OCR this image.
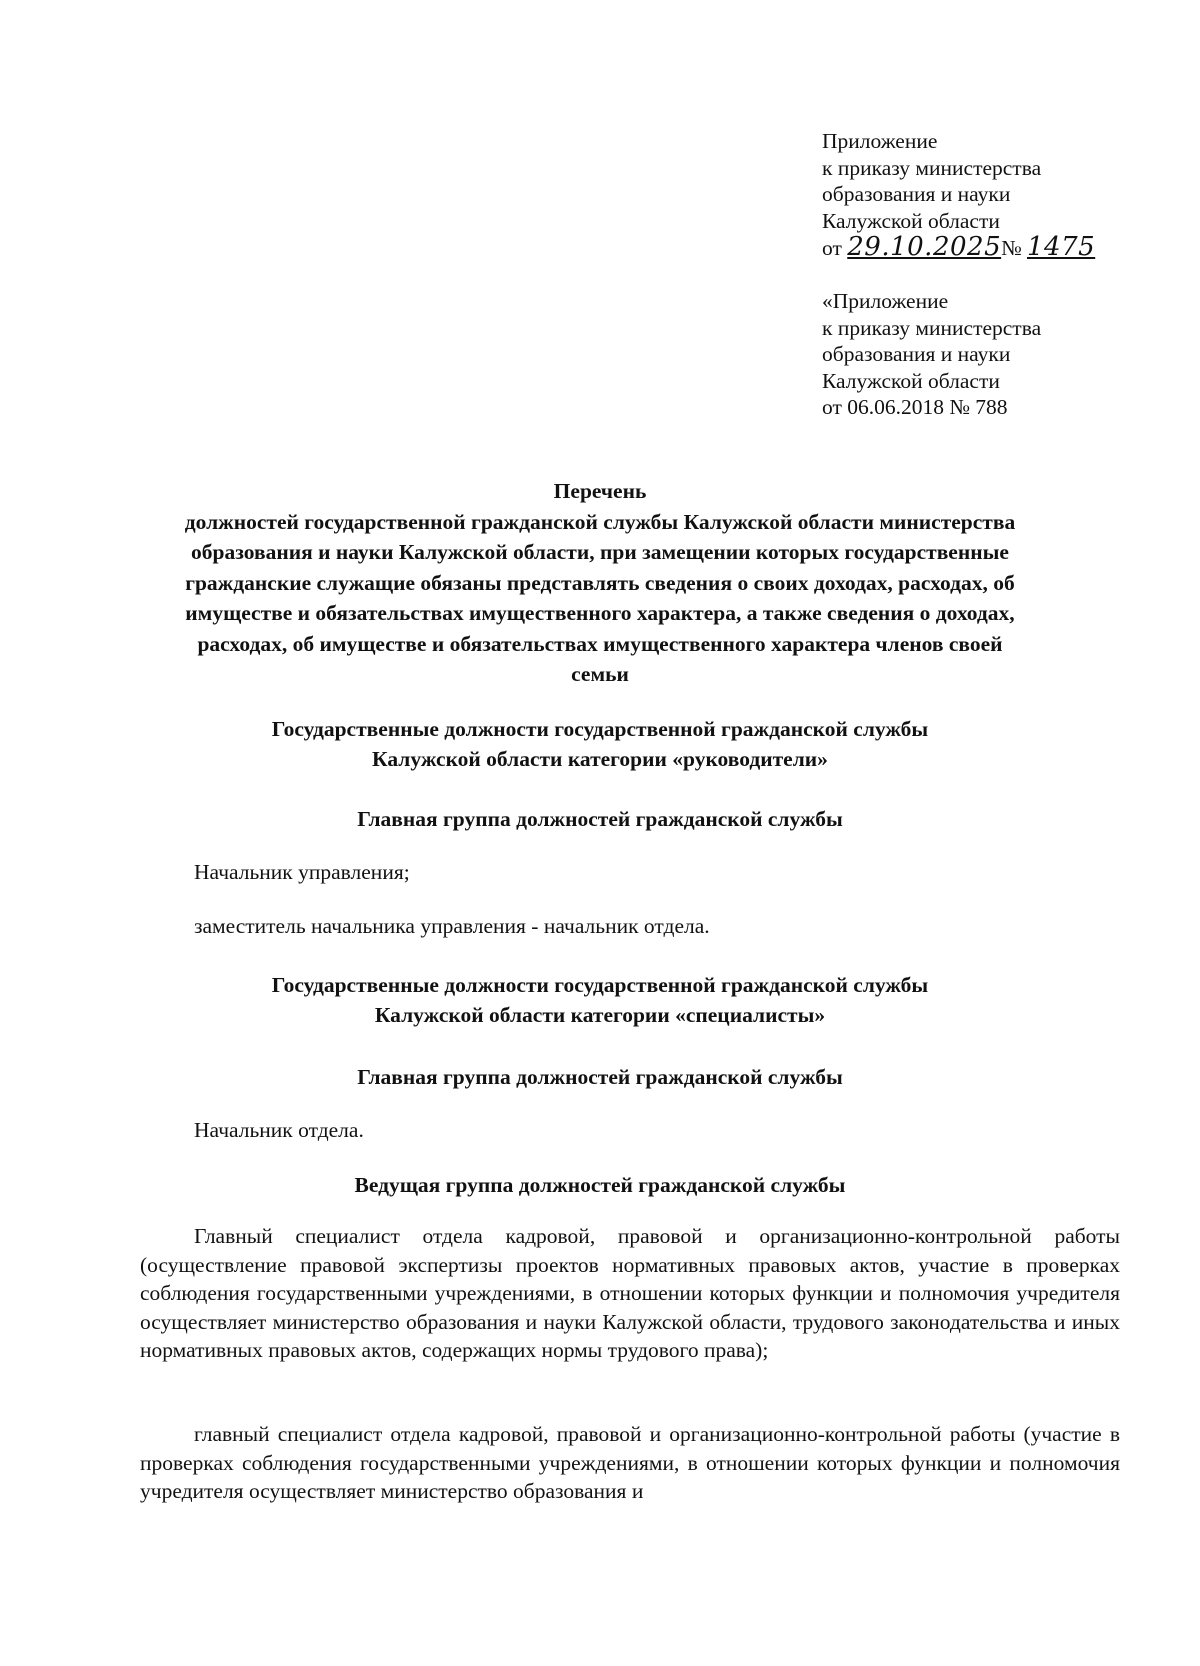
Приложение
к приказу министерства
образования и науки
Калужской области
от 29.10.2025№ 1475
«Приложение
к приказу министерства
образования и науки
Калужской области
от 06.06.2018 № 788
Перечень
должностей государственной гражданской службы Калужской области министерства
образования и науки Калужской области, при замещении которых государственные
гражданские служащие обязаны представлять сведения о своих доходах, расходах, об
имуществе и обязательствах имущественного характера, а также сведения о доходах,
расходах, об имуществе и обязательствах имущественного характера членов своей
семьи
Государственные должности государственной гражданской службы
Калужской области категории «руководители»
Главная группа должностей гражданской службы
Начальник управления;
заместитель начальника управления - начальник отдела.
Государственные должности государственной гражданской службы
Калужской области категории «специалисты»
Главная группа должностей гражданской службы
Начальник отдела.
Ведущая группа должностей гражданской службы
Главный специалист отдела кадровой, правовой и организационно-контрольной работы (осуществление правовой экспертизы проектов нормативных правовых актов, участие в проверках соблюдения государственными учреждениями, в отношении которых функции и полномочия учредителя осуществляет министерство образования и науки Калужской области, трудового законодательства и иных нормативных правовых актов, содержащих нормы трудового права);
главный специалист отдела кадровой, правовой и организационно-контрольной работы (участие в проверках соблюдения государственными учреждениями, в отношении которых функции и полномочия учредителя осуществляет министерство образования и
